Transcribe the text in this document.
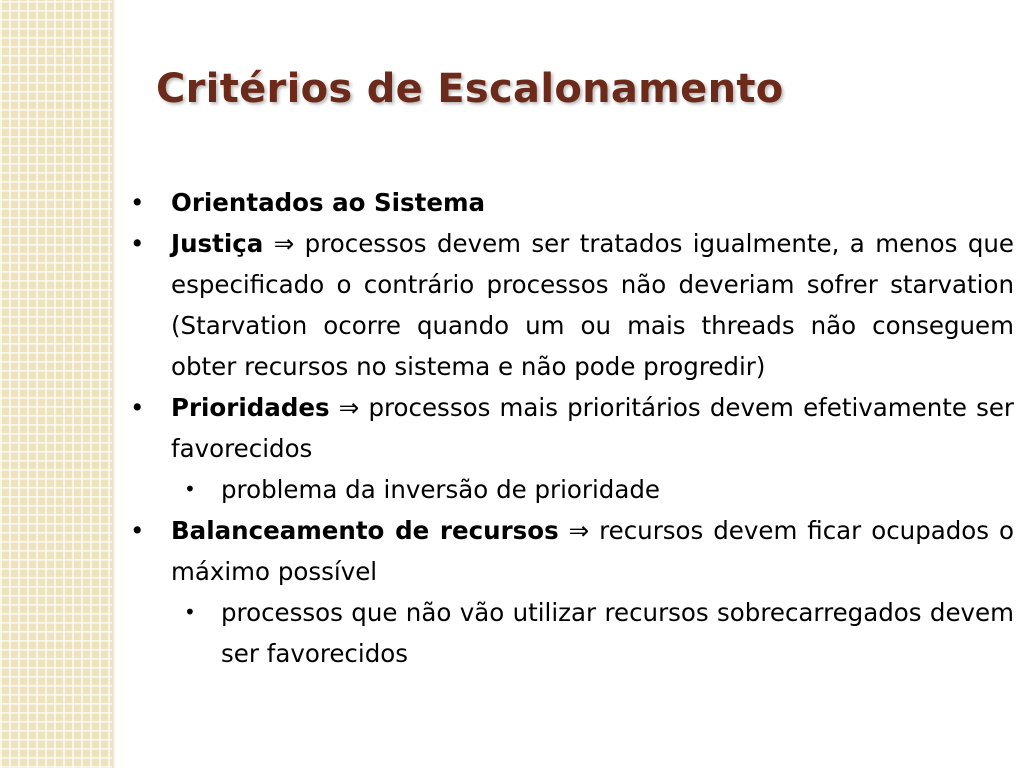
Critérios de Escalonamento
• Orientados ao Sistema
• Justiça ⇒ processos devem ser tratados igualmente, a menos que especificado o contrário processos não deveriam sofrer starvation (Starvation ocorre quando um ou mais threads não conseguem obter recursos no sistema e não pode progredir)
• Prioridades ⇒ processos mais prioritários devem efetivamente ser favorecidos
• problema da inversão de prioridade
• Balanceamento de recursos ⇒ recursos devem ficar ocupados o máximo possível
• processos que não vão utilizar recursos sobrecarregados devem ser favorecidos
